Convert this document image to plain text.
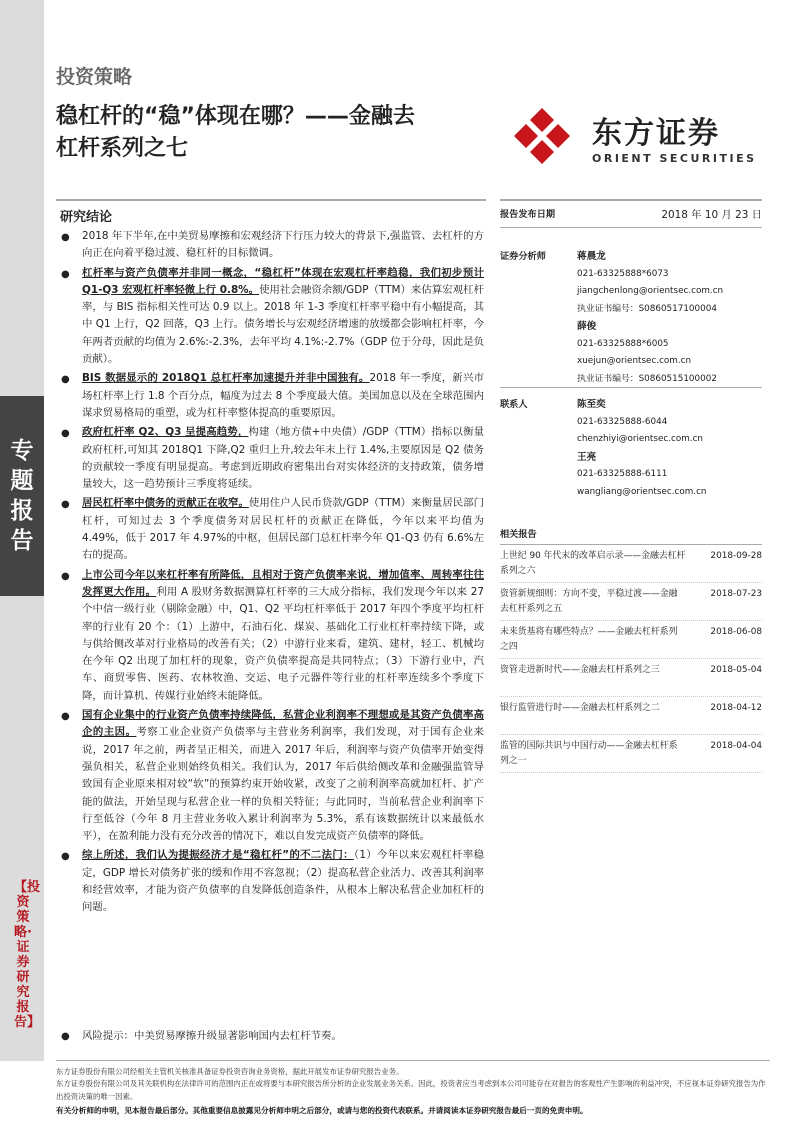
专
题
报
告
【投资策略·证券研究报告】
投资策略
稳杠杆的“稳”体现在哪？——金融去
杠杆系列之七	东方证券
ORIENT SECURITIES
研究结论
● 2018 年下半年,在中美贸易摩擦和宏观经济下行压力较大的背景下,强监管、去杠杆的方向正在向着平稳过渡、稳杠杆的目标微调。
● 杠杆率与资产负债率并非同一概念，“稳杠杆”体现在宏观杠杆率趋稳，我们初步预计 Q1-Q3 宏观杠杆率轻微上行 0.8%。使用社会融资余额/GDP（TTM）来估算宏观杠杆率，与 BIS 指标相关性可达 0.9 以上。2018 年 1-3 季度杠杆率平稳中有小幅提高，其中 Q1 上行，Q2 回落，Q3 上行。债务增长与宏观经济增速的放缓都会影响杠杆率，今年两者贡献的均值为 2.6%:-2.3%，去年平均 4.1%:-2.7%（GDP 位于分母，因此是负贡献）。
● BIS 数据显示的 2018Q1 总杠杆率加速提升并非中国独有。2018 年一季度，新兴市场杠杆率上行 1.8 个百分点，幅度为过去 8 个季度最大值。美国加息以及在全球范围内谋求贸易格局的重塑，或为杠杆率整体提高的重要原因。
● 政府杠杆率 Q2、Q3 呈提高趋势，构建（地方债+中央债）/GDP（TTM）指标以衡量政府杠杆,可知其 2018Q1 下降,Q2 重归上升,较去年末上行 1.4%,主要原因是 Q2 债务的贡献较一季度有明显提高。考虑到近期政府密集出台对实体经济的支持政策，债务增量较大，这一趋势预计三季度将延续。
● 居民杠杆率中债务的贡献正在收窄。使用住户人民币贷款/GDP（TTM）来衡量居民部门杠杆，可知过去 3 个季度债务对居民杠杆的贡献正在降低，今年以来平均值为 4.49%，低于 2017 年 4.97%的中枢，但居民部门总杠杆率今年 Q1-Q3 仍有 6.6%左右的提高。
● 上市公司今年以来杠杆率有所降低，且相对于资产负债率来说，增加值率、周转率往往发挥更大作用。利用 A 股财务数据测算杠杆率的三大成分指标，我们发现今年以来 27 个中信一级行业（剔除金融）中，Q1、Q2 平均杠杆率低于 2017 年四个季度平均杠杆率的行业有 20 个：（1）上游中，石油石化、煤炭、基础化工行业杠杆率持续下降，或与供给侧改革对行业格局的改善有关；（2）中游行业来看，建筑、建材，轻工、机械均在今年 Q2 出现了加杠杆的现象，资产负债率提高是共同特点；（3）下游行业中，汽车、商贸零售、医药、农林牧渔、交运、电子元器件等行业的杠杆率连续多个季度下降，而计算机、传媒行业始终未能降低。
● 国有企业集中的行业资产负债率持续降低，私营企业利润率不理想或是其资产负债率高企的主因。考察工业企业资产负债率与主营业务利润率，我们发现，对于国有企业来说，2017 年之前，两者呈正相关，而进入 2017 年后，利润率与资产负债率开始变得强负相关，私营企业则始终负相关。我们认为，2017 年后供给侧改革和金融强监管导致国有企业原来相对较“软”的预算约束开始收紧，改变了之前利润率高就加杠杆、扩产能的做法，开始呈现与私营企业一样的负相关特征；与此同时，当前私营企业利润率下行至低谷（今年 8 月主营业务收入累计利润率为 5.3%，系有该数据统计以来最低水平），在盈利能力没有充分改善的情况下，难以自发完成资产负债率的降低。
● 综上所述，我们认为提振经济才是“稳杠杆”的不二法门：（1）今年以来宏观杠杆率稳定，GDP 增长对债务扩张的缓和作用不容忽视；（2）提高私营企业活力、改善其利润率和经营效率，才能为资产负债率的自发降低创造条件，从根本上解决私营企业加杠杆的问题。
●	风险提示：中美贸易摩擦升级显著影响国内去杠杆节奏。
报告发布日期	2018 年 10 月 23 日
证券分析师	蒋晨龙
021-63325888*6073
jiangchenlong@orientsec.com.cn
执业证书编号：S0860517100004
薛俊
021-63325888*6005
xuejun@orientsec.com.cn
执业证书编号：S0860515100002
联系人	陈至奕
021-63325888-6044
chenzhiyi@orientsec.com.cn
王亮
021-63325888-6111
wangliang@orientsec.com.cn
相关报告
上世纪 90 年代末的改革启示录——金融去杠杆系列之六
2018-09-28
资管新规细则：方向不变，平稳过渡——金融去杠杆系列之五
2018-07-23
未来货基将有哪些特点？——金融去杠杆系列之四
2018-06-08
资管走进新时代——金融去杠杆系列之三	2018-05-04
银行监管进行时——金融去杠杆系列之二	2018-04-12
监管的国际共识与中国行动——金融去杠杆系列之一
2018-04-04
东方证券股份有限公司经相关主管机关核准具备证券投资咨询业务资格，据此开展发布证券研究报告业务。
东方证券股份有限公司及其关联机构在法律许可的范围内正在或将要与本研究报告所分析的企业发展业务关系。因此，投资者应当考虑到本公司可能存在对报告的客观性产生影响的利益冲突，不应视本证券研究报告为作出投资决策的唯一因素。
有关分析师的申明，见本报告最后部分。其他重要信息披露见分析师申明之后部分，或请与您的投资代表联系。并请阅读本证券研究报告最后一页的免责申明。
